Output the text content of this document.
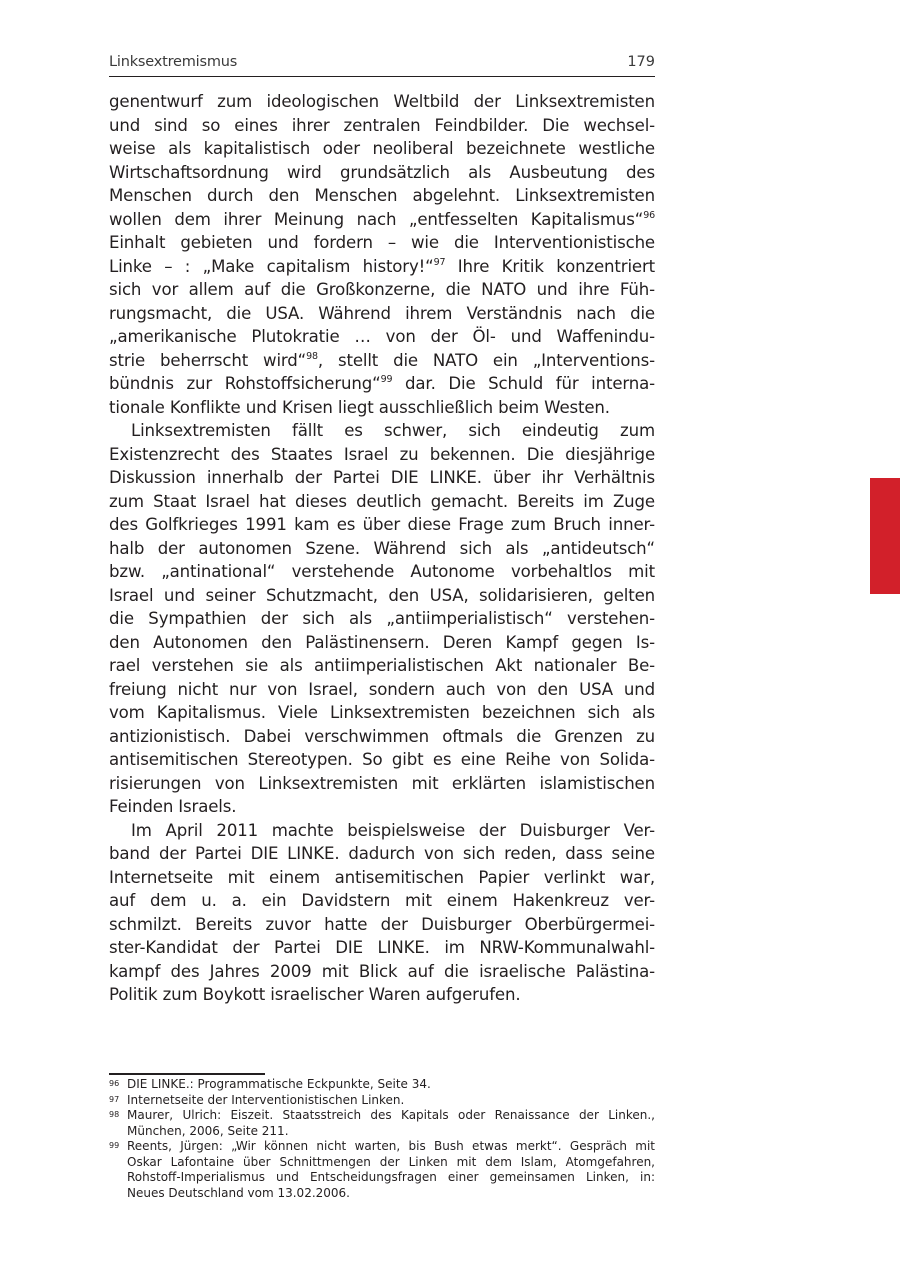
Linksextremismus	179
genentwurf zum ideologischen Weltbild der Linksextremisten
und sind so eines ihrer zentralen Feindbilder. Die wechsel-
weise als kapitalistisch oder neoliberal bezeichnete westliche
Wirtschaftsordnung wird grundsätzlich als Ausbeutung des
Menschen durch den Menschen abgelehnt. Linksextremisten
wollen dem ihrer Meinung nach „entfesselten Kapitalismus“$^{96}$
Einhalt gebieten und fordern – wie die Interventionistische
Linke – : „Make capitalism history!“$^{97}$ Ihre Kritik konzentriert
sich vor allem auf die Großkonzerne, die NATO und ihre Füh-
rungsmacht, die USA. Während ihrem Verständnis nach die
„amerikanische Plutokratie … von der Öl- und Waffenindu-
strie beherrscht wird“$^{98}$, stellt die NATO ein „Interventions-
bündnis zur Rohstoffsicherung“$^{99}$ dar. Die Schuld für interna-
tionale Konflikte und Krisen liegt ausschließlich beim Westen.
Linksextremisten fällt es schwer, sich eindeutig zum
Existenzrecht des Staates Israel zu bekennen. Die diesjährige
Diskussion innerhalb der Partei DIE LINKE. über ihr Verhältnis
zum Staat Israel hat dieses deutlich gemacht. Bereits im Zuge
des Golfkrieges 1991 kam es über diese Frage zum Bruch inner-
halb der autonomen Szene. Während sich als „antideutsch“
bzw. „antinational“ verstehende Autonome vorbehaltlos mit
Israel und seiner Schutzmacht, den USA, solidarisieren, gelten
die Sympathien der sich als „antiimperialistisch“ verstehen-
den Autonomen den Palästinensern. Deren Kampf gegen Is-
rael verstehen sie als antiimperialistischen Akt nationaler Be-
freiung nicht nur von Israel, sondern auch von den USA und
vom Kapitalismus. Viele Linksextremisten bezeichnen sich als
antizionistisch. Dabei verschwimmen oftmals die Grenzen zu
antisemitischen Stereotypen. So gibt es eine Reihe von Solida-
risierungen von Linksextremisten mit erklärten islamistischen
Feinden Israels.
Im April 2011 machte beispielsweise der Duisburger Ver-
band der Partei DIE LINKE. dadurch von sich reden, dass seine
Internetseite mit einem antisemitischen Papier verlinkt war,
auf dem u. a. ein Davidstern mit einem Hakenkreuz ver-
schmilzt. Bereits zuvor hatte der Duisburger Oberbürgermei-
ster-Kandidat der Partei DIE LINKE. im NRW-Kommunalwahl-
kampf des Jahres 2009 mit Blick auf die israelische Palästina-
Politik zum Boykott israelischer Waren aufgerufen.
96 DIE LINKE.: Programmatische Eckpunkte, Seite 34.
97 Internetseite der Interventionistischen Linken.
98 Maurer, Ulrich: Eiszeit. Staatsstreich des Kapitals oder Renaissance der Linken.,
München, 2006, Seite 211.
99 Reents, Jürgen: „Wir können nicht warten, bis Bush etwas merkt“. Gespräch mit
Oskar Lafontaine über Schnittmengen der Linken mit dem Islam, Atomgefahren,
Rohstoff-Imperialismus und Entscheidungsfragen einer gemeinsamen Linken, in:
Neues Deutschland vom 13.02.2006.
